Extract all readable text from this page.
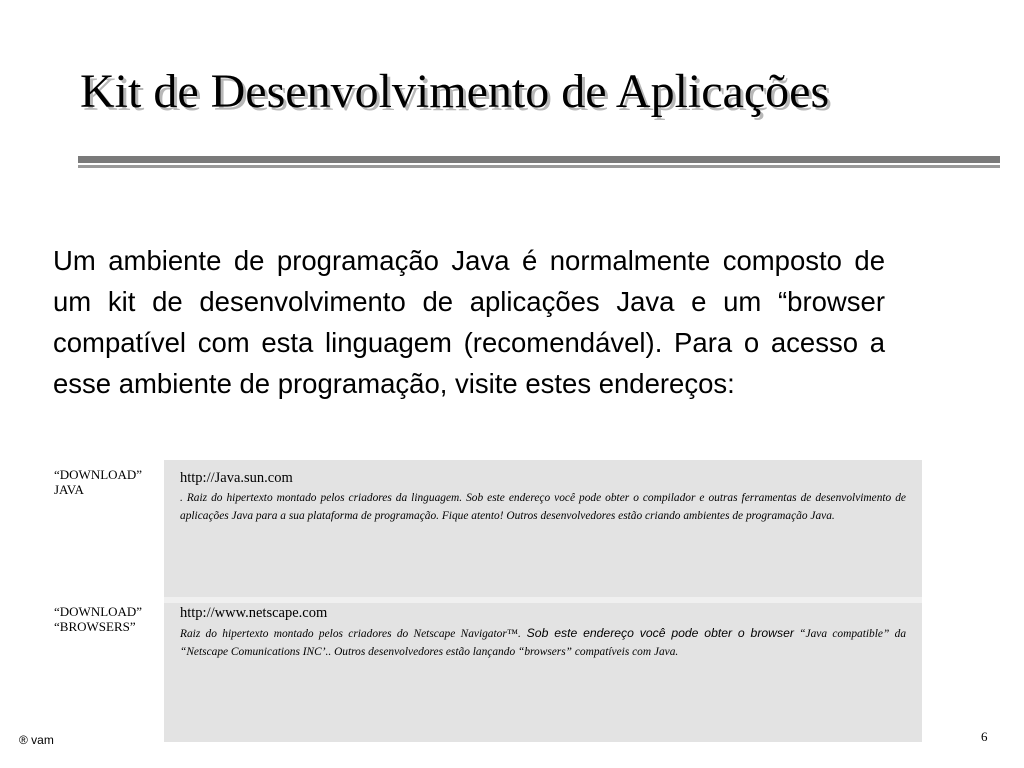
Kit de Desenvolvimento de Aplicações

Um ambiente de programação Java é normalmente composto de um kit de desenvolvimento de aplicações Java e um “browser compatível com esta linguagem (recomendável). Para o acesso a esse ambiente de programação, visite estes endereços:

“DOWNLOAD”
JAVA
“DOWNLOAD”
“BROWSERS”

http://Java.sun.com

. Raiz do hipertexto montado pelos criadores da linguagem. Sob este endereço você pode obter o compilador e outras ferramentas de desenvolvimento de aplicações Java para a sua plataforma de programação. Fique atento! Outros desenvolvedores estão criando ambientes de programação Java.

http://www.netscape.com

Raiz do hipertexto montado pelos criadores do Netscape Navigator™. Sob este endereço você pode obter o browser “Java compatible” da “Netscape Comunications INC’.. Outros desenvolvedores estão lançando “browsers” compatíveis com Java.

® vam	6
